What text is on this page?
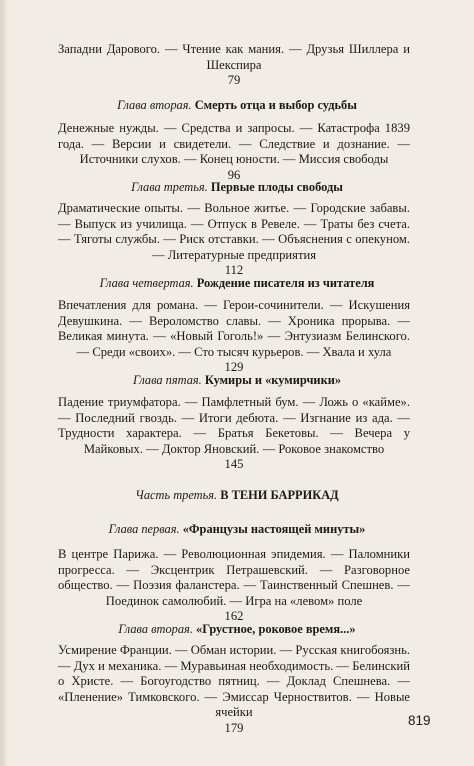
Западни Дарового. — Чтение как мания. — Друзья Шиллера и Шекспира
79
Глава вторая. Смерть отца и выбор судьбы
Денежные нужды. — Средства и запросы. — Катастрофа 1839 года. — Версии и свидетели. — Следствие и дознание. — Источники слухов. — Конец юности. — Миссия свободы
96
Глава третья. Первые плоды свободы
Драматические опыты. — Вольное житье. — Городские забавы. — Выпуск из училища. — Отпуск в Ревеле. — Траты без счета. — Тяготы службы. — Риск отставки. — Объяснения с опекуном. — Литературные предприятия
112
Глава четвертая. Рождение писателя из читателя
Впечатления для романа. — Герои-сочинители. — Искушения Девушкина. — Вероломство славы. — Хроника прорыва. — Великая минута. — «Новый Гоголь!» — Энтузиазм Белинского. — Среди «своих». — Сто тысяч курьеров. — Хвала и хула
129
Глава пятая. Кумиры и «кумирчики»
Падение триумфатора. — Памфлетный бум. — Ложь о «кайме». — Последний гвоздь. — Итоги дебюта. — Изгнание из ада. — Трудности характера. — Братья Бекетовы. — Вечера у Майковых. — Доктор Яновский. — Роковое знакомство
145
Часть третья. В ТЕНИ БАРРИКАД
Глава первая. «Французы настоящей минуты»
В центре Парижа. — Революционная эпидемия. — Паломники прогресса. — Эксцентрик Петрашевский. — Разговорное общество. — Поэзия фаланстера. — Таинственный Спешнев. — Поединок самолюбий. — Игра на «левом» поле
162
Глава вторая. «Грустное, роковое время...»
Усмирение Франции. — Обман истории. — Русская книгобоязнь. — Дух и механика. — Муравьиная необходимость. — Белинский о Христе. — Богоугодство пятниц. — Доклад Спешнева. — «Пленение» Тимковского. — Эмиссар Черноствитов. — Новые ячейки
179	819
